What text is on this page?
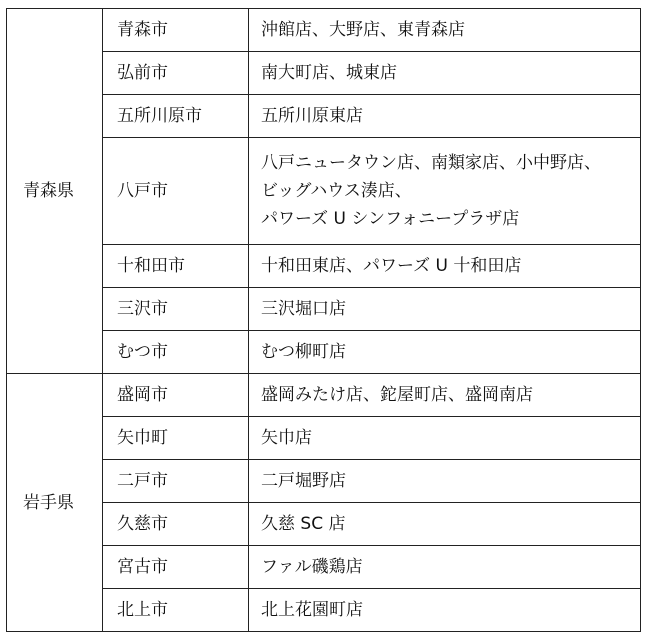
青森県	青森市	沖館店、大野店、東青森店

	弘前市	南大町店、城東店

	五所川原市	五所川原東店

	八戸市	八戸ニュータウン店、南類家店、小中野店、
ビッグハウス湊店、
パワーズ U シンフォニープラザ店

	十和田市	十和田東店、パワーズ U 十和田店

	三沢市	三沢堀口店

	むつ市	むつ柳町店

岩手県	盛岡市	盛岡みたけ店、鉈屋町店、盛岡南店

	矢巾町	矢巾店

	二戸市	二戸堀野店

	久慈市	久慈 SC 店

	宮古市	ファル磯鶏店

	北上市	北上花園町店
